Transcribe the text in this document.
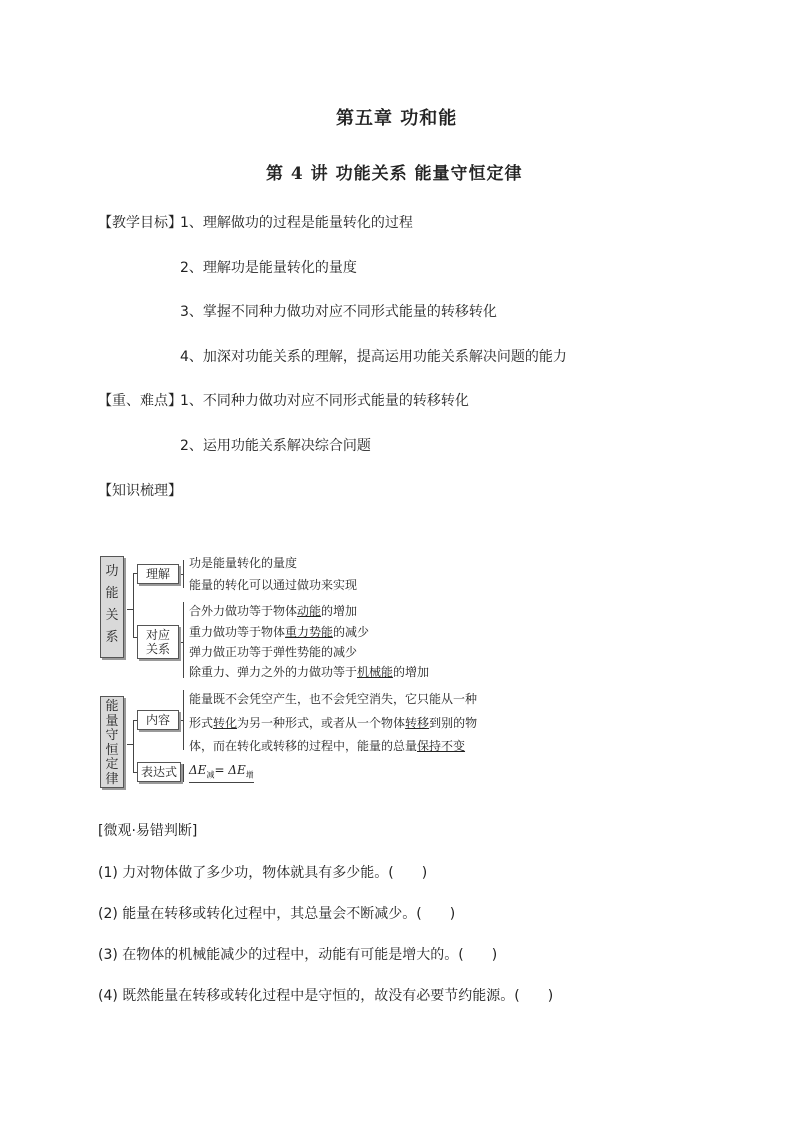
第五章 功和能
第 4 讲 功能关系 能量守恒定律
【教学目标】
1、理解做功的过程是能量转化的过程
2、理解功是能量转化的量度
3、掌握不同种力做功对应不同形式能量的转移转化
4、加深对功能关系的理解，提高运用功能关系解决问题的能力
【重、难点】
1、不同种力做功对应不同形式能量的转移转化
2、运用功能关系解决综合问题
【知识梳理】
功
能
关
系
理解
对应
关系
功是能量转化的量度
能量的转化可以通过做功来实现
合外力做功等于物体动能的增加
重力做功等于物体重力势能的减少
弹力做正功等于弹性势能的减少
除重力、弹力之外的力做功等于机械能的增加
能
量
守
恒
定
律
内容
表达式
能量既不会凭空产生，也不会凭空消失，它只能从一种
形式转化为另一种形式，或者从一个物体转移到别的物
体，而在转化或转移的过程中，能量的总量保持不变
$\Delta E_减= \Delta E_增$
[微观·易错判断]
(1) 力对物体做了多少功，物体就具有多少能。(　　)
(2) 能量在转移或转化过程中，其总量会不断减少。(　　)
(3) 在物体的机械能减少的过程中，动能有可能是增大的。(　　)
(4) 既然能量在转移或转化过程中是守恒的，故没有必要节约能源。(　　)
